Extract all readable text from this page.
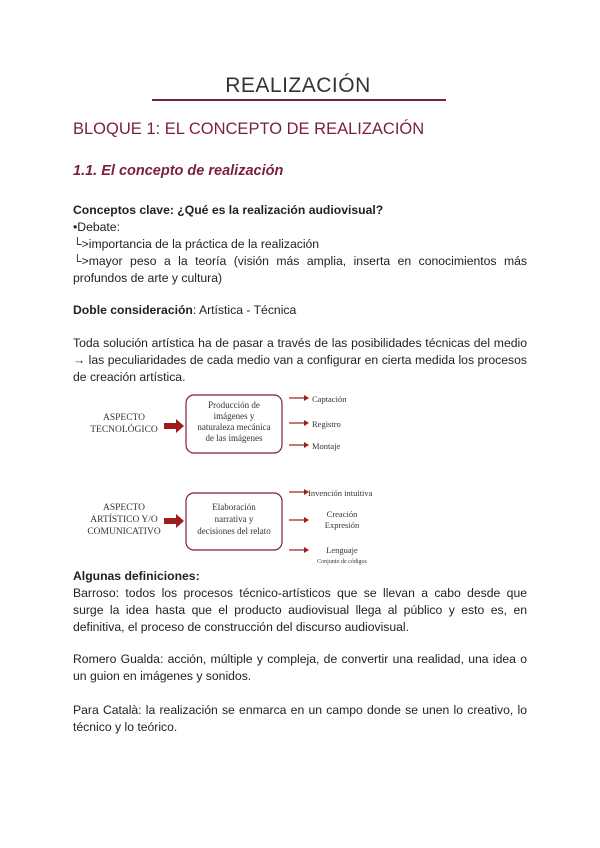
REALIZACIÓN
BLOQUE 1: EL CONCEPTO DE REALIZACIÓN
1.1. El concepto de realización
Conceptos clave: ¿Qué es la realización audiovisual?
•Debate:
└>importancia de la práctica de la realización
└>mayor peso a la teoría (visión más amplia, inserta en conocimientos más profundos de arte y cultura)
Doble consideración: Artística - Técnica
Toda solución artística ha de pasar a través de las posibilidades técnicas del medio → las peculiaridades de cada medio van a configurar en cierta medida los procesos de creación artística.
ASPECTO
TECNOLÓGICO
Producción de
imágenes y
naturaleza mecánica
de las imágenes
Captación
Registro
Montaje
ASPECTO
ARTÍSTICO Y/O
COMUNICATIVO
Elaboración
narrativa y
decisiones del relato
Invención intuitiva
Creación
Expresión
Lenguaje
Conjunto de códigos
Algunas definiciones:
Barroso: todos los procesos técnico-artísticos que se llevan a cabo desde que surge la idea hasta que el producto audiovisual llega al público y esto es, en definitiva, el proceso de construcción del discurso audiovisual.
Romero Gualda: acción, múltiple y compleja, de convertir una realidad, una idea o un guion en imágenes y sonidos.
Para Català: la realización se enmarca en un campo donde se unen lo creativo, lo técnico y lo teórico.
